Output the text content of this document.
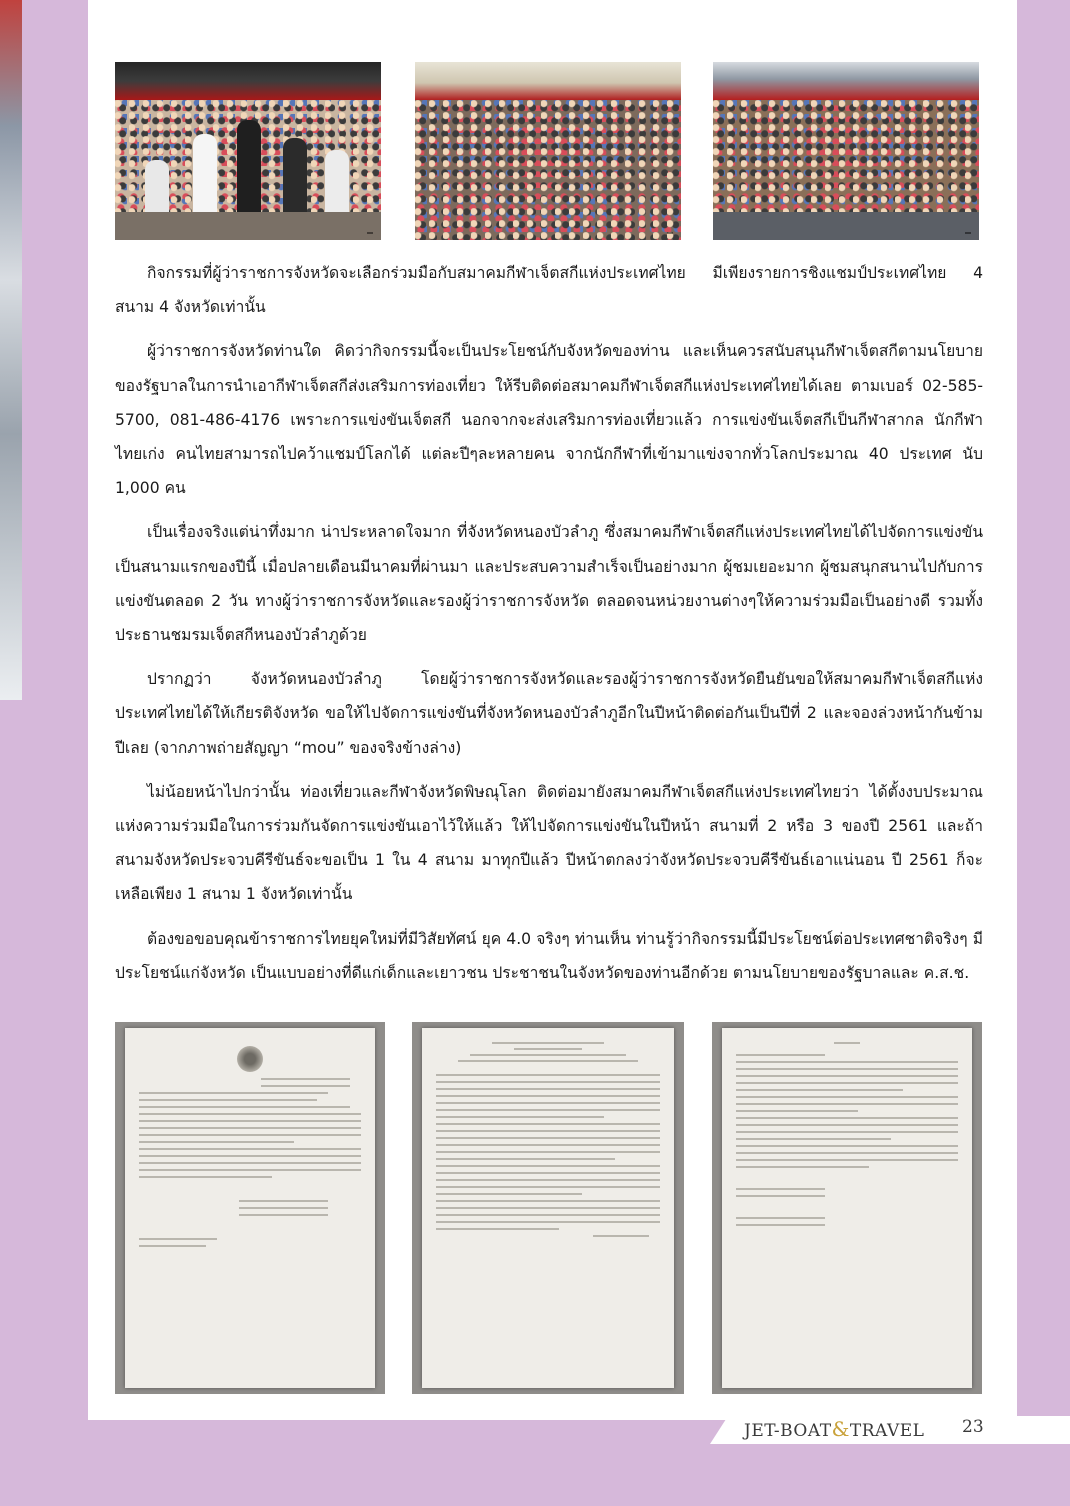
กิจกรรมที่ผู้ว่าราชการจังหวัดจะเลือกร่วมมือกับสมาคมกีฬาเจ็ตสกีแห่งประเทศไทย มีเพียงรายการชิงแชมป์ประเทศไทย 4 สนาม 4 จังหวัดเท่านั้น

ผู้ว่าราชการจังหวัดท่านใด คิดว่ากิจกรรมนี้จะเป็นประโยชน์กับจังหวัดของท่าน และเห็นควรสนับสนุนกีฬาเจ็ตสกีตามนโยบายของรัฐบาลในการนำเอากีฬาเจ็ตสกีส่งเสริมการท่องเที่ยว ให้รีบติดต่อสมาคมกีฬาเจ็ตสกีแห่งประเทศไทยได้เลย ตามเบอร์ 02-585-5700, 081-486-4176 เพราะการแข่งขันเจ็ตสกี นอกจากจะส่งเสริมการท่องเที่ยวแล้ว การแข่งขันเจ็ตสกีเป็นกีฬาสากล นักกีฬาไทยเก่ง คนไทยสามารถไปคว้าแชมป์โลกได้ แต่ละปีๆละหลายคน จากนักกีฬาที่เข้ามาแข่งจากทั่วโลกประมาณ 40 ประเทศ นับ 1,000 คน

เป็นเรื่องจริงแต่น่าทึ่งมาก น่าประหลาดใจมาก ที่จังหวัดหนองบัวลำภู ซึ่งสมาคมกีฬาเจ็ตสกีแห่งประเทศไทยได้ไปจัดการแข่งขันเป็นสนามแรกของปีนี้ เมื่อปลายเดือนมีนาคมที่ผ่านมา และประสบความสำเร็จเป็นอย่างมาก ผู้ชมเยอะมาก ผู้ชมสนุกสนานไปกับการแข่งขันตลอด 2 วัน ทางผู้ว่าราชการจังหวัดและรองผู้ว่าราชการจังหวัด ตลอดจนหน่วยงานต่างๆให้ความร่วมมือเป็นอย่างดี รวมทั้งประธานชมรมเจ็ตสกีหนองบัวลำภูด้วย

ปรากฏว่า จังหวัดหนองบัวลำภู โดยผู้ว่าราชการจังหวัดและรองผู้ว่าราชการจังหวัดยืนยันขอให้สมาคมกีฬาเจ็ตสกีแห่งประเทศไทยได้ให้เกียรติจังหวัด ขอให้ไปจัดการแข่งขันที่จังหวัดหนองบัวลำภูอีกในปีหน้าติดต่อกันเป็นปีที่ 2 และจองล่วงหน้ากันข้ามปีเลย (จากภาพถ่ายสัญญา “mou” ของจริงข้างล่าง)

ไม่น้อยหน้าไปกว่านั้น ท่องเที่ยวและกีฬาจังหวัดพิษณุโลก ติดต่อมายังสมาคมกีฬาเจ็ตสกีแห่งประเทศไทยว่า ได้ตั้งงบประมาณแห่งความร่วมมือในการร่วมกันจัดการแข่งขันเอาไว้ให้แล้ว ให้ไปจัดการแข่งขันในปีหน้า สนามที่ 2 หรือ 3 ของปี 2561 และถ้าสนามจังหวัดประจวบคีรีขันธ์จะขอเป็น 1 ใน 4 สนาม มาทุกปีแล้ว ปีหน้าตกลงว่าจังหวัดประจวบคีรีขันธ์เอาแน่นอน ปี 2561 ก็จะเหลือเพียง 1 สนาม 1 จังหวัดเท่านั้น

ต้องขอขอบคุณข้าราชการไทยยุคใหม่ที่มีวิสัยทัศน์ ยุค 4.0 จริงๆ ท่านเห็น ท่านรู้ว่ากิจกรรมนี้มีประโยชน์ต่อประเทศชาติจริงๆ มีประโยชน์แก่จังหวัด เป็นแบบอย่างที่ดีแก่เด็กและเยาวชน ประชาชนในจังหวัดของท่านอีกด้วย ตามนโยบายของรัฐบาลและ ค.ส.ช.

JET-BOAT&TRAVEL 23
